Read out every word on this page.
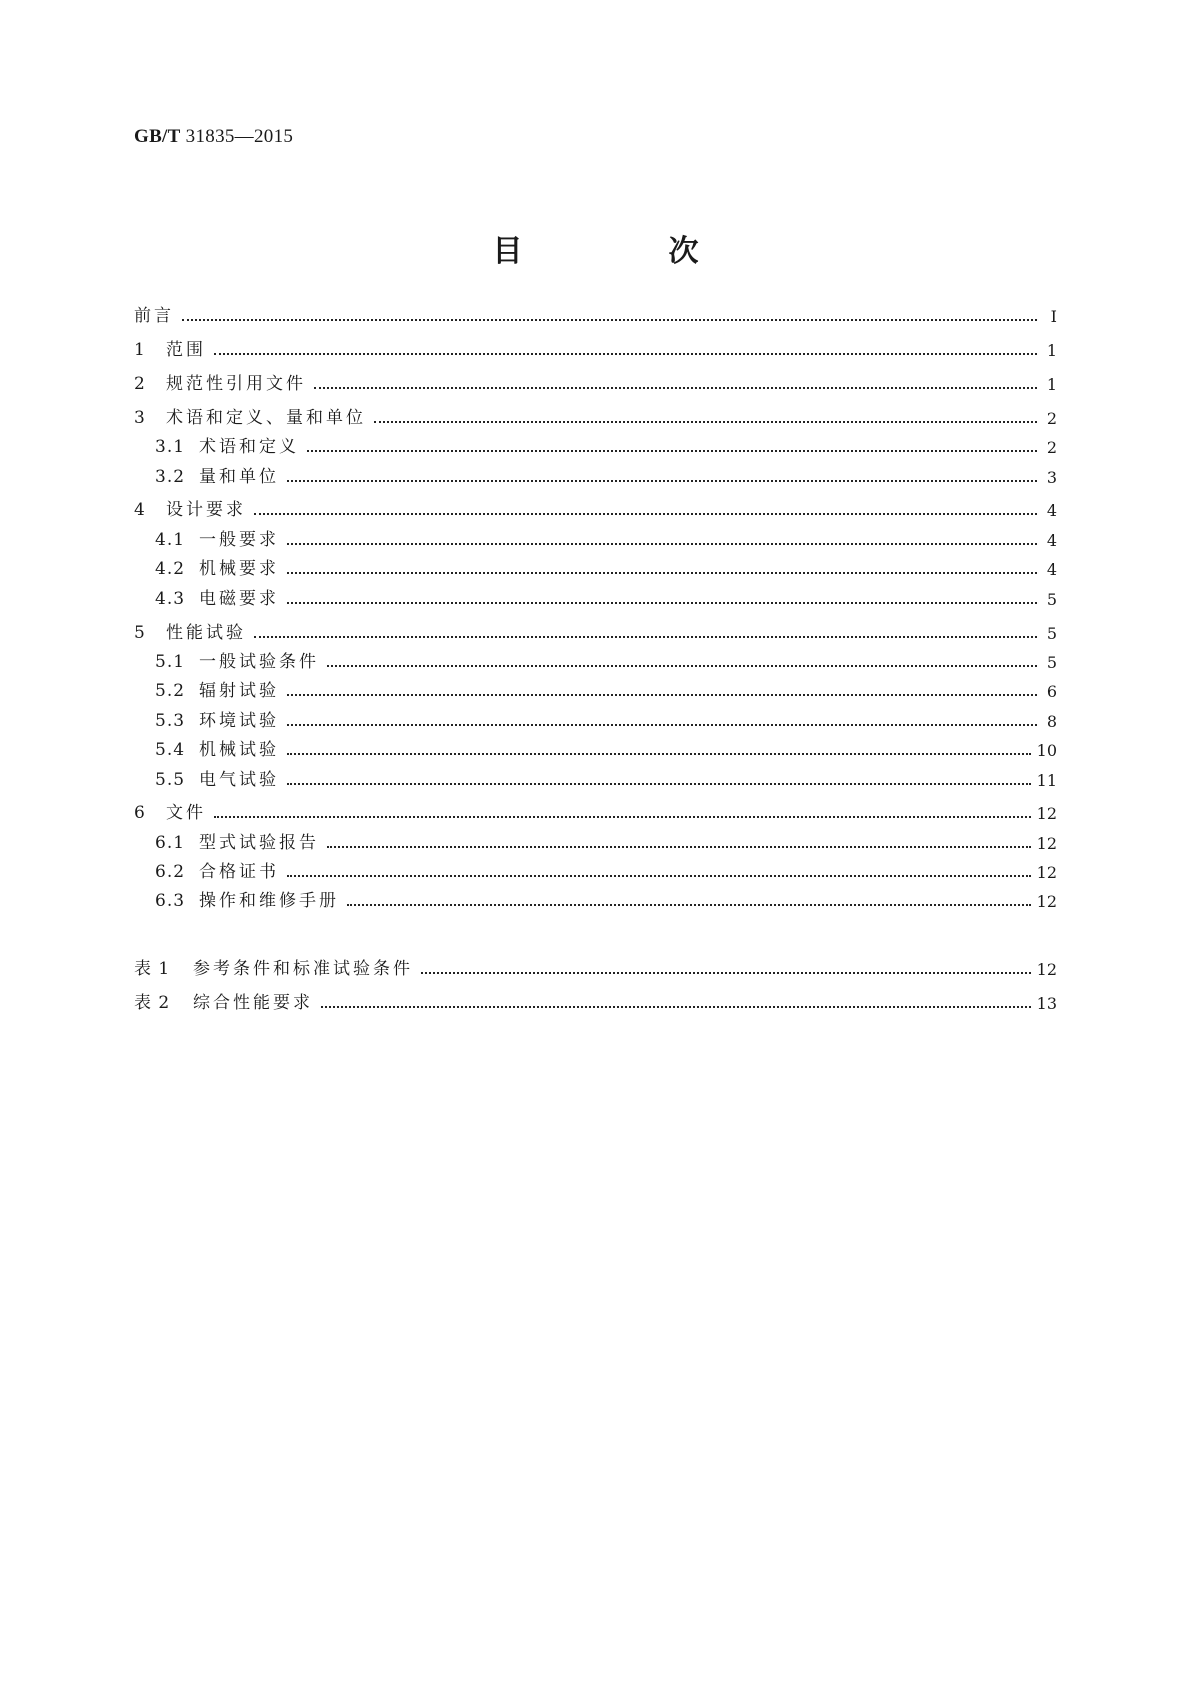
GB/T 31835—2015
目　次
前言	Ⅰ
1	范围	1
2	规范性引用文件	1
3	术语和定义、量和单位	2
3.1 术语和定义	2
3.2 量和单位	3
4	设计要求	4
4.1 一般要求	4
4.2 机械要求	4
4.3 电磁要求	5
5	性能试验	5
5.1 一般试验条件	5
5.2 辐射试验	6
5.3 环境试验	8
5.4 机械试验	10
5.5 电气试验	11
6	文件	12
6.1 型式试验报告	12
6.2 合格证书	12
6.3 操作和维修手册	12
表 1	参考条件和标准试验条件	12
表 2	综合性能要求	13
